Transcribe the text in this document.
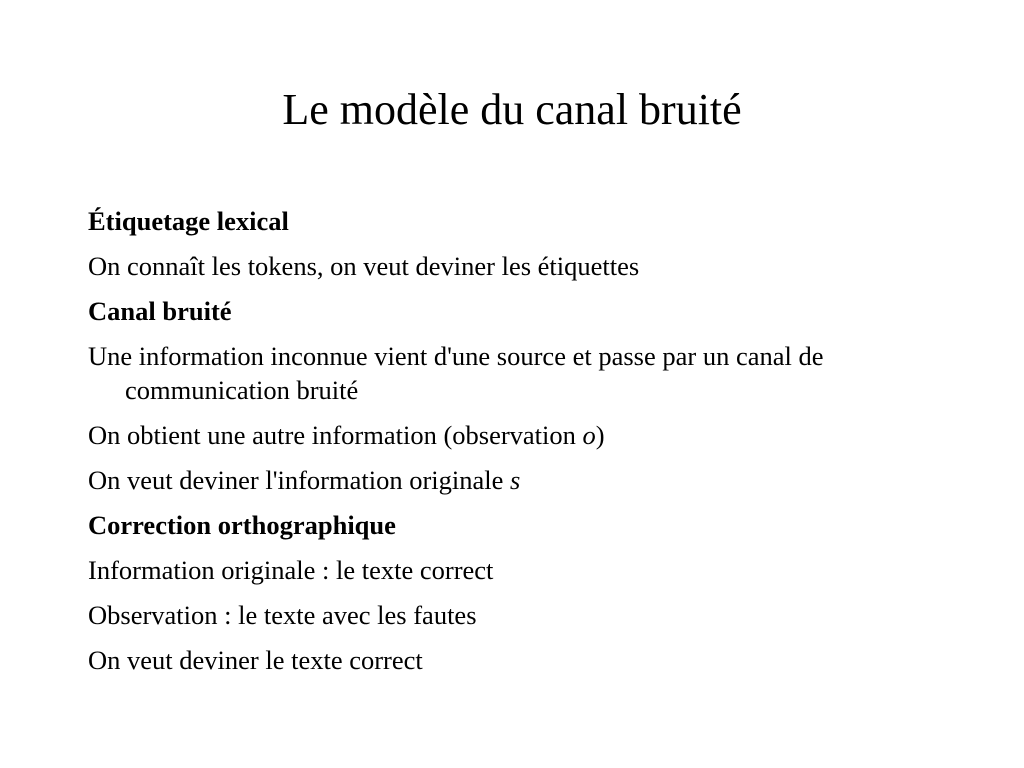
Le modèle du canal bruité

Étiquetage lexical

On connaît les tokens, on veut deviner les étiquettes

Canal bruité

Une information inconnue vient d'une source et passe par un canal de communication bruité

On obtient une autre information (observation o)

On veut deviner l'information originale s

Correction orthographique

Information originale : le texte correct

Observation : le texte avec les fautes

On veut deviner le texte correct
